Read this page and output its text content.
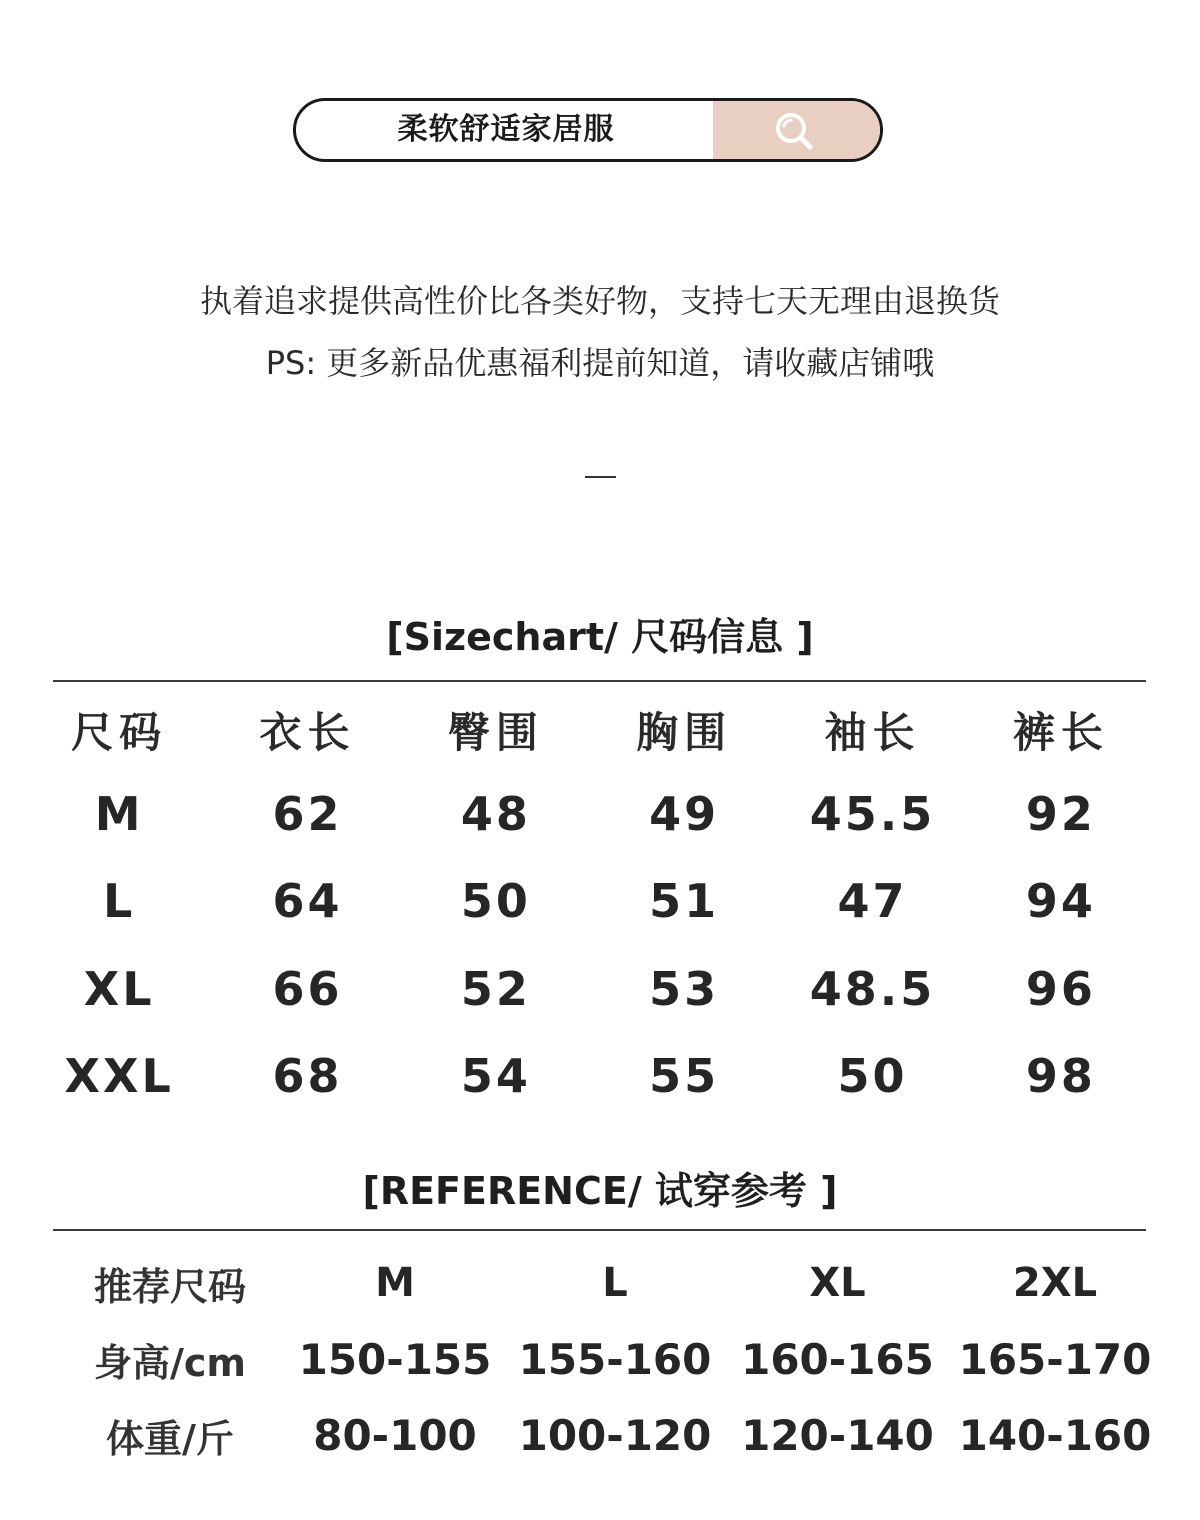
柔软舒适家居服
执着追求提供高性价比各类好物，支持七天无理由退换货
PS: 更多新品优惠福利提前知道，请收藏店铺哦
[Sizechart/ 尺码信息 ]
尺码	衣长	臀围	胸围	袖长	裤长
M	62	48	49	45.5	92
L	64	50	51	47	94
XL	66	52	53	48.5	96
XXL	68	54	55	50	98
[REFERENCE/ 试穿参考 ]
推荐尺码	M	L	XL	2XL
身高/cm	150-155	155-160	160-165	165-170
体重/斤	80-100	100-120	120-140	140-160
